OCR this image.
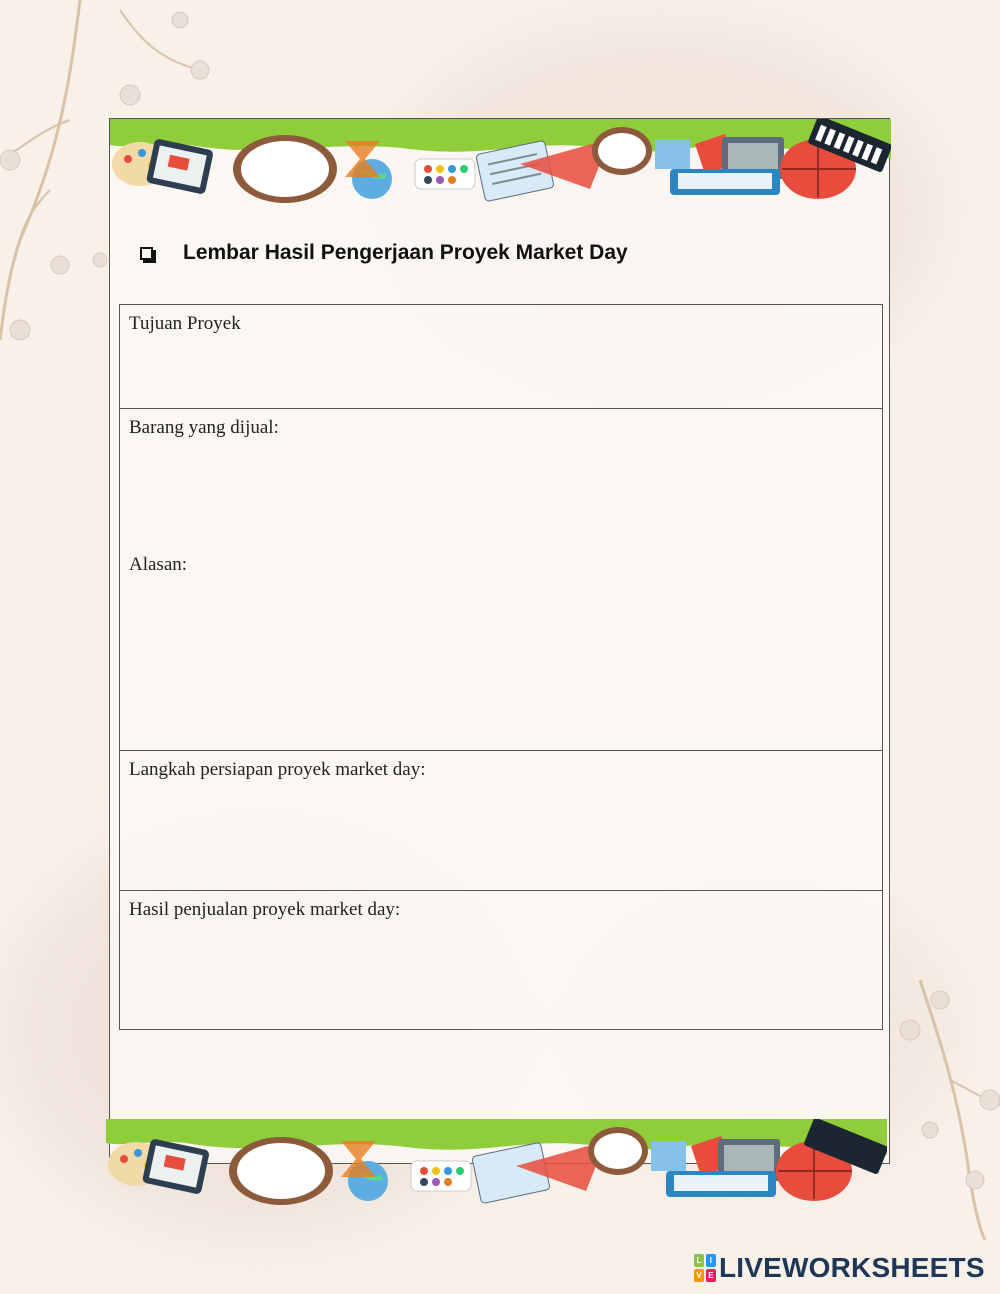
Lembar Hasil Pengerjaan Proyek Market Day
Tujuan Proyek

Barang yang dijual:
Alasan:

Langkah persiapan proyek market day:

Hasil penjualan proyek market day:
L	I
V E LIVEWORKSHEETS
